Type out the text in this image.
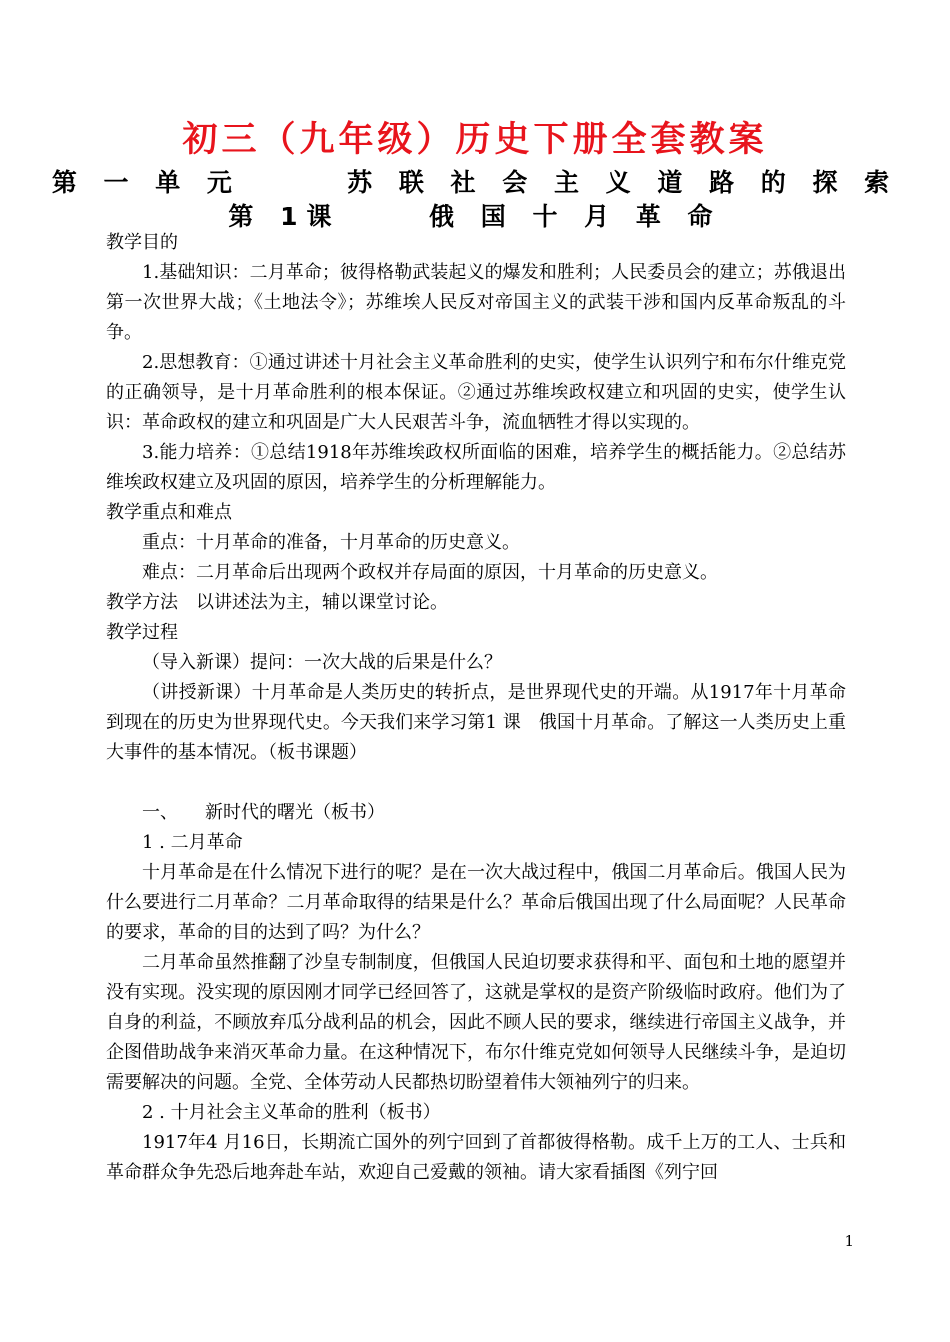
初三（九年级）历史下册全套教案
第 一 单 元      苏 联 社 会 主 义 道 路 的 探 索
第 1课     俄 国 十 月 革 命

教学目的

1.基础知识：二月革命；彼得格勒武装起义的爆发和胜利；人民委员会的建立；苏俄退出第一次世界大战；《土地法令》；苏维埃人民反对帝国主义的武装干涉和国内反革命叛乱的斗争。

2.思想教育：①通过讲述十月社会主义革命胜利的史实，使学生认识列宁和布尔什维克党的正确领导，是十月革命胜利的根本保证。②通过苏维埃政权建立和巩固的史实，使学生认识：革命政权的建立和巩固是广大人民艰苦斗争，流血牺牲才得以实现的。

3.能力培养：①总结1918年苏维埃政权所面临的困难，培养学生的概括能力。②总结苏维埃政权建立及巩固的原因，培养学生的分析理解能力。

教学重点和难点

重点：十月革命的准备，十月革命的历史意义。

难点：二月革命后出现两个政权并存局面的原因，十月革命的历史意义。

教学方法　以讲述法为主，辅以课堂讨论。

教学过程

（导入新课）提问：一次大战的后果是什么？

（讲授新课）十月革命是人类历史的转折点，是世界现代史的开端。从1917年十月革命到现在的历史为世界现代史。今天我们来学习第1 课　俄国十月革命。了解这一人类历史上重大事件的基本情况。（板书课题）

一、　　新时代的曙光（板书）

1 . 二月革命

十月革命是在什么情况下进行的呢？是在一次大战过程中，俄国二月革命后。俄国人民为什么要进行二月革命？二月革命取得的结果是什么？革命后俄国出现了什么局面呢？人民革命的要求，革命的目的达到了吗？为什么？

二月革命虽然推翻了沙皇专制制度，但俄国人民迫切要求获得和平、面包和土地的愿望并没有实现。没实现的原因刚才同学已经回答了，这就是掌权的是资产阶级临时政府。他们为了自身的利益，不顾放弃瓜分战利品的机会，因此不顾人民的要求，继续进行帝国主义战争，并企图借助战争来消灭革命力量。在这种情况下，布尔什维克党如何领导人民继续斗争，是迫切需要解决的问题。全党、全体劳动人民都热切盼望着伟大领袖列宁的归来。

2 . 十月社会主义革命的胜利（板书）

1917年4 月16日，长期流亡国外的列宁回到了首都彼得格勒。成千上万的工人、士兵和革命群众争先恐后地奔赴车站，欢迎自己爱戴的领袖。请大家看插图《列宁回

1
